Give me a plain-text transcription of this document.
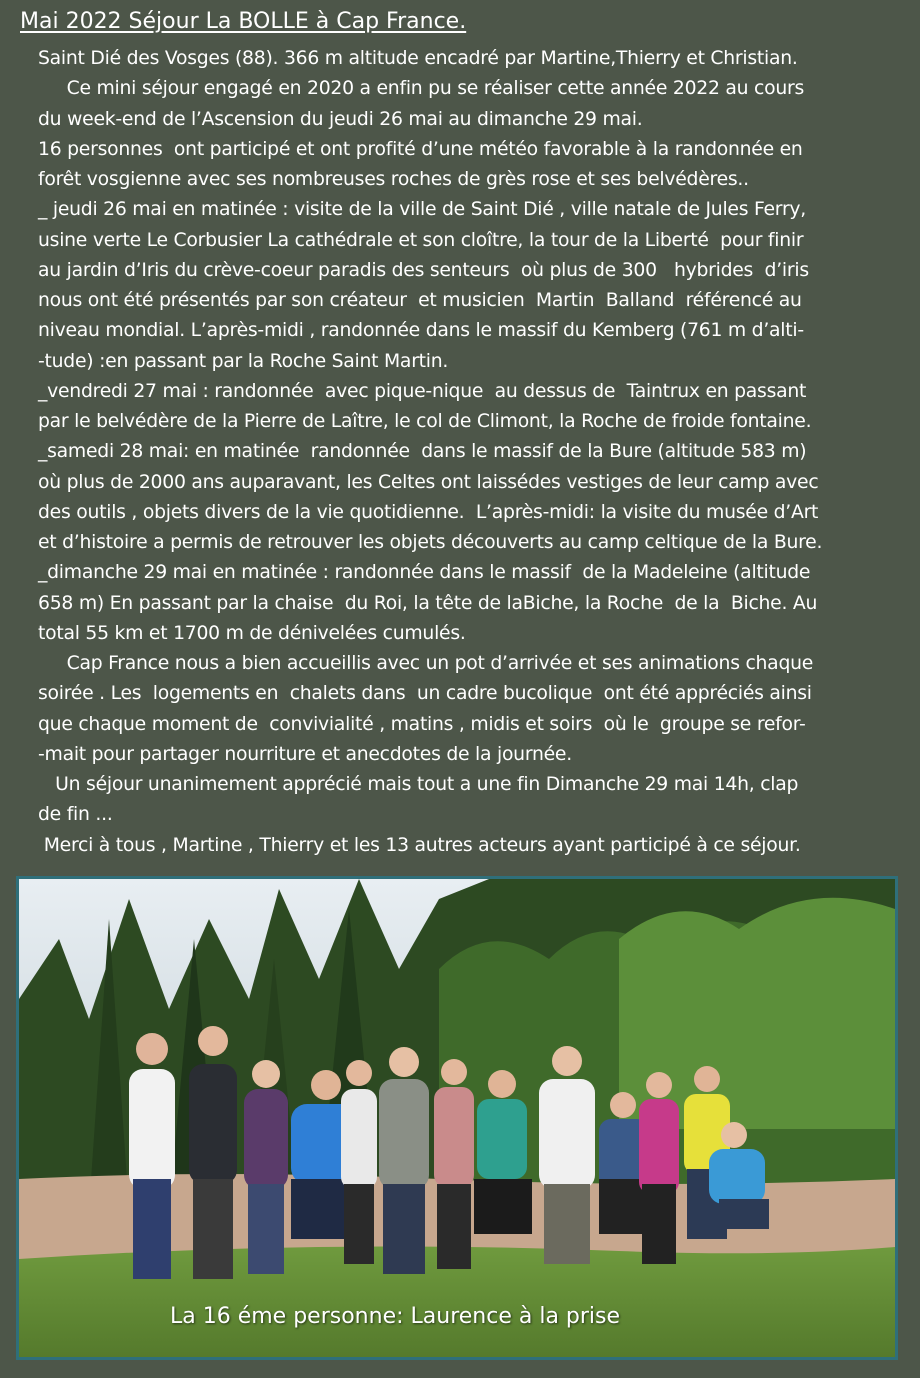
Mai 2022 Séjour La BOLLE à Cap France.
Saint Dié des Vosges (88). 366 m altitude encadré par Martine,Thierry et Christian.
Ce mini séjour engagé en 2020 a enfin pu se réaliser cette année 2022 au cours
du week-end de l’Ascension du jeudi 26 mai au dimanche 29 mai.
16 personnes  ont participé et ont profité d’une météo favorable à la randonnée en
forêt vosgienne avec ses nombreuses roches de grès rose et ses belvédères..
_ jeudi 26 mai en matinée : visite de la ville de Saint Dié , ville natale de Jules Ferry,
usine verte Le Corbusier La cathédrale et son cloître, la tour de la Liberté  pour finir
au jardin d’Iris du crève-coeur paradis des senteurs  où plus de 300   hybrides  d’iris
nous ont été présentés par son créateur  et musicien  Martin  Balland  référencé au
niveau mondial. L’après-midi , randonnée dans le massif du Kemberg (761 m d’alti-
-tude) :en passant par la Roche Saint Martin.
_vendredi 27 mai : randonnée  avec pique-nique  au dessus de  Taintrux en passant
par le belvédère de la Pierre de Laître, le col de Climont, la Roche de froide fontaine.
_samedi 28 mai: en matinée  randonnée  dans le massif de la Bure (altitude 583 m)
où plus de 2000 ans auparavant, les Celtes ont laissédes vestiges de leur camp avec
des outils , objets divers de la vie quotidienne.  L’après-midi: la visite du musée d’Art
et d’histoire a permis de retrouver les objets découverts au camp celtique de la Bure.
_dimanche 29 mai en matinée : randonnée dans le massif  de la Madeleine (altitude
658 m) En passant par la chaise  du Roi, la tête de laBiche, la Roche  de la  Biche. Au
total 55 km et 1700 m de dénivelées cumulés.
Cap France nous a bien accueillis avec un pot d’arrivée et ses animations chaque
soirée . Les  logements en  chalets dans  un cadre bucolique  ont été appréciés ainsi
que chaque moment de  convivialité , matins , midis et soirs  où le  groupe se refor-
-mait pour partager nourriture et anecdotes de la journée.
Un séjour unanimement apprécié mais tout a une fin Dimanche 29 mai 14h, clap
de fin ...
Merci à tous , Martine , Thierry et les 13 autres acteurs ayant participé à ce séjour.
La 16 éme personne: Laurence à la prise
